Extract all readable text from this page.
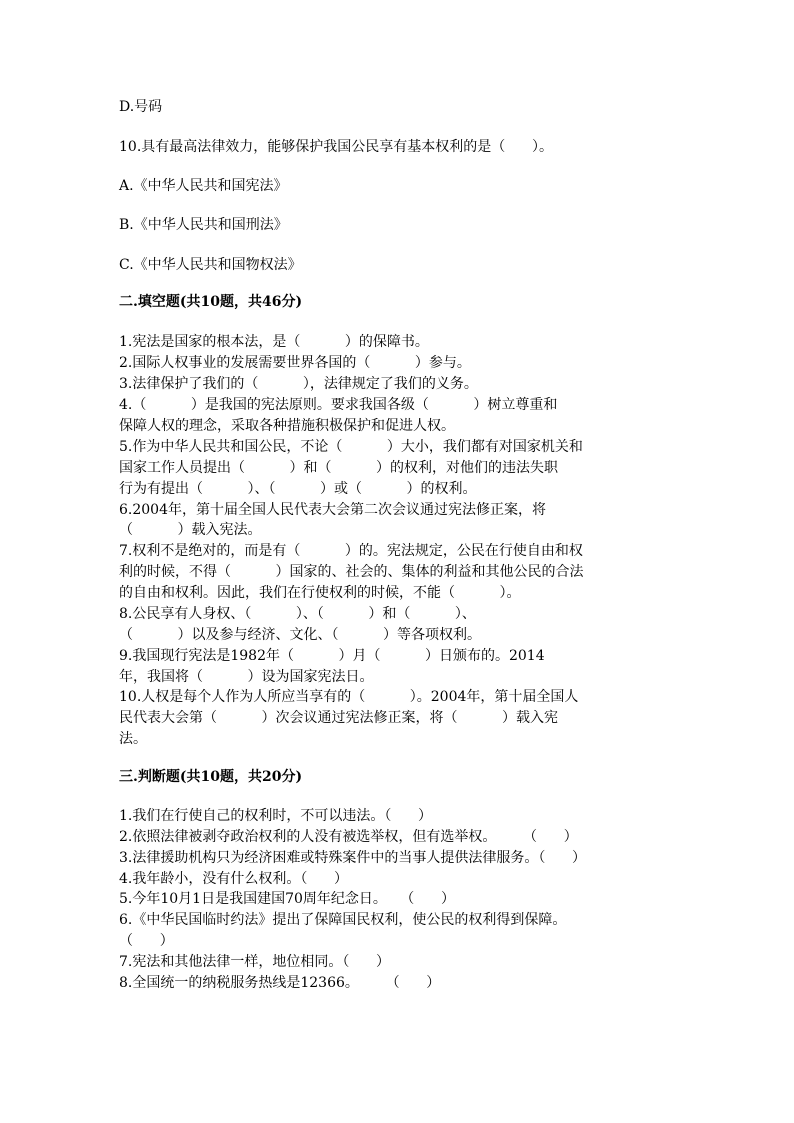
D.号码
10.具有最高法律效力，能够保护我国公民享有基本权利的是（      ）。
A.《中华人民共和国宪法》
B.《中华人民共和国刑法》
C.《中华人民共和国物权法》
二.填空题(共10题，共46分)
1.宪法是国家的根本法，是（          ）的保障书。
2.国际人权事业的发展需要世界各国的（          ）参与。
3.法律保护了我们的（          ），法律规定了我们的义务。
4.（          ）是我国的宪法原则。要求我国各级（          ）树立尊重和
保障人权的理念，采取各种措施积极保护和促进人权。
5.作为中华人民共和国公民，不论（          ）大小，我们都有对国家机关和
国家工作人员提出（          ）和（          ）的权利，对他们的违法失职
行为有提出（          ）、（          ）或（          ）的权利。
6.2004年，第十届全国人民代表大会第二次会议通过宪法修正案，将
（          ）载入宪法。
7.权利不是绝对的，而是有（          ）的。宪法规定，公民在行使自由和权
利的时候，不得（          ）国家的、社会的、集体的利益和其他公民的合法
的自由和权利。因此，我们在行使权利的时候，不能（          ）。
8.公民享有人身权、（          ）、（          ）和（          ）、
（          ）以及参与经济、文化、（          ）等各项权利。
9.我国现行宪法是1982年（          ）月（          ）日颁布的。2014
年，我国将（          ）设为国家宪法日。
10.人权是每个人作为人所应当享有的（          ）。2004年，第十届全国人
民代表大会第（          ）次会议通过宪法修正案，将（          ）载入宪
法。
三.判断题(共10题，共20分)
1.我们在行使自己的权利时，不可以违法。（      ）
2.依照法律被剥夺政治权利的人没有被选举权，但有选举权。      （      ）
3.法律援助机构只为经济困难或特殊案件中的当事人提供法律服务。（      ）
4.我年龄小，没有什么权利。（      ）
5.今年10月1日是我国建国70周年纪念日。   （      ）
6.《中华民国临时约法》提出了保障国民权利，使公民的权利得到保障。
（      ）
7.宪法和其他法律一样，地位相同。（      ）
8.全国统一的纳税服务热线是12366。      （      ）
